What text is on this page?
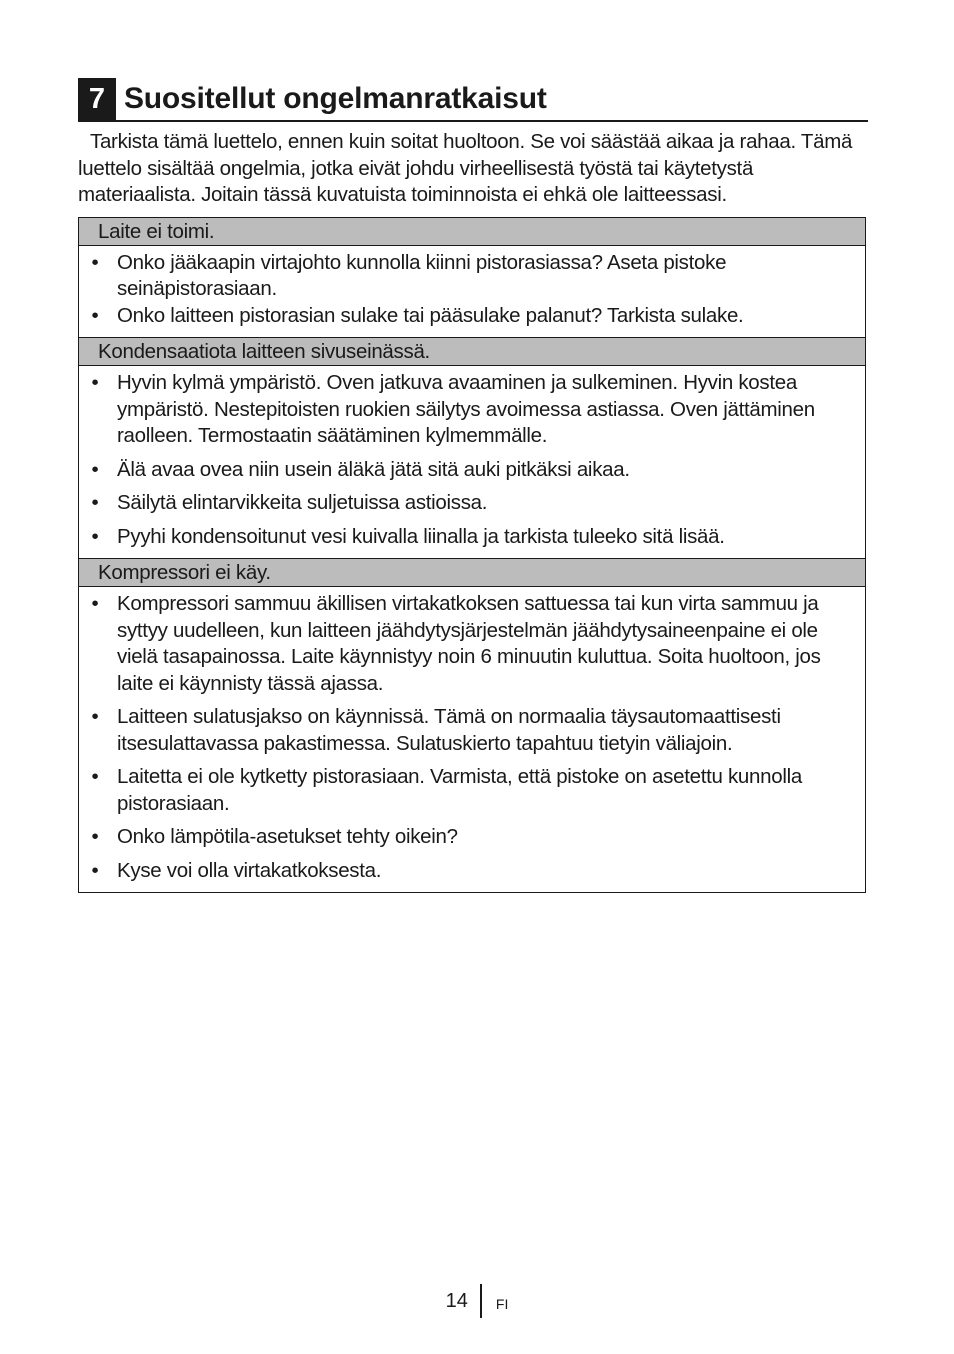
7 Suositellut ongelmanratkaisut

Tarkista tämä luettelo, ennen kuin soitat huoltoon. Se voi säästää aikaa ja rahaa. Tämä luettelo sisältää ongelmia, jotka eivät johdu virheellisestä työstä tai käytetystä materiaalista. Joitain tässä kuvatuista toiminnoista ei ehkä ole laitteessasi.

Laite ei toimi.
• Onko jääkaapin virtajohto kunnolla kiinni pistorasiassa? Aseta pistoke seinäpistorasiaan.
• Onko laitteen pistorasian sulake tai pääsulake palanut? Tarkista sulake.
Kondensaatiota laitteen sivuseinässä.
• Hyvin kylmä ympäristö. Oven jatkuva avaaminen ja sulkeminen. Hyvin kostea ympäristö. Nestepitoisten ruokien säilytys avoimessa astiassa. Oven jättäminen raolleen. Termostaatin säätäminen kylmemmälle.
• Älä avaa ovea niin usein äläkä jätä sitä auki pitkäksi aikaa.
• Säilytä elintarvikkeita suljetuissa astioissa.
• Pyyhi kondensoitunut vesi kuivalla liinalla ja tarkista tuleeko sitä lisää.
Kompressori ei käy.
• Kompressori sammuu äkillisen virtakatkoksen sattuessa tai kun virta sammuu ja syttyy uudelleen, kun laitteen jäähdytysjärjestelmän jäähdytysaineenpaine ei ole vielä tasapainossa. Laite käynnistyy noin 6 minuutin kuluttua. Soita huoltoon, jos laite ei käynnisty tässä ajassa.
• Laitteen sulatusjakso on käynnissä. Tämä on normaalia täysautomaattisesti itsesulattavassa pakastimessa. Sulatuskierto tapahtuu tietyin väliajoin.
• Laitetta ei ole kytketty pistorasiaan. Varmista, että pistoke on asetettu kunnolla pistorasiaan.
• Onko lämpötila-asetukset tehty oikein?
• Kyse voi olla virtakatkoksesta.
14	FI
